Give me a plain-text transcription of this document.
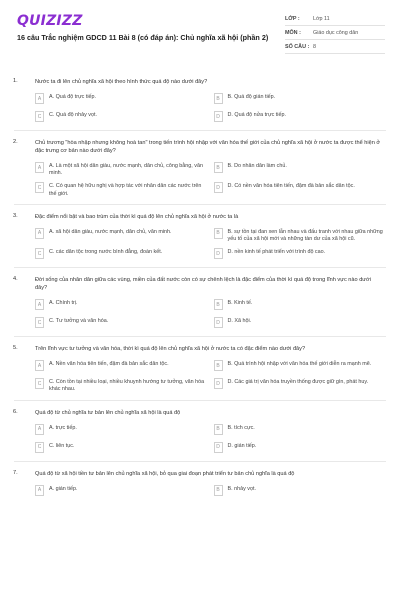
QUIZIZZ
16 câu Trắc nghiệm GDCD 11 Bài 8 (có đáp án): Chủ nghĩa xã hội (phần 2)
LỚP :	Lớp 11
MÔN :	Giáo dục công dân
SỐ CÂU : 8
1.	Nước ta đi lên chủ nghĩa xã hội theo hình thức quá độ nào dưới đây?
A	A. Quá độ trực tiếp.	B	B. Quá độ gián tiếp.
C	C. Quá độ nhảy vọt.	D	D. Quá độ nửa trực tiếp.
2.	Chủ trương "hòa nhập nhưng không hoà tan" trong tiến trình hội nhập với văn hóa thế giới của chủ nghĩa xã hội ở nước ta được thể hiện ở đặc trưng cơ bản nào dưới đây?
A	A. Là một xã hội dân giàu, nước mạnh, dân chủ, công bằng, văn minh.
B	B. Do nhân dân làm chủ.
C	C. Có quan hệ hữu nghị và hợp tác với nhân dân các nước trên thế giới.
D	D. Có nền văn hóa tiên tiến, đậm đà bản sắc dân tộc.
3.	Đặc điểm nổi bật và bao trùm của thời kì quá độ lên chủ nghĩa xã hội ở nước ta là
A	A. xã hội dân giàu, nước mạnh, dân chủ, văn minh.	B	B. sự tồn tại đan xen lẫn nhau và đấu tranh với nhau giữa những yếu tố của xã hội mới và những tàn dư của xã hội cũ.
C	C. các dân tộc trong nước bình đẳng, đoàn kết.	D	D. nền kinh tế phát triển với trình độ cao.
4.	Đời sống của nhân dân giữa các vùng, miền của đất nước còn có sự chênh lệch là đặc điểm của thời kì quá độ trong lĩnh vực nào dưới đây?
A	A. Chính trị.	B	B. Kinh tế.
C	C. Tư tưởng và văn hóa.	D	D. Xã hội.
5.	Trên lĩnh vực tư tưởng và văn hóa, thời kì quá độ lên chủ nghĩa xã hội ở nước ta có đặc điểm nào dưới đây?
A	A. Nền văn hóa tiên tiến, đậm đà bản sắc dân tộc.	B	B. Quá trình hội nhập với văn hóa thế giới diễn ra mạnh mẽ.
C	C. Còn tồn tại nhiều loại, nhiều khuynh hướng tư tưởng, văn hóa khác nhau.
D	D. Các giá trị văn hóa truyền thống được giữ gìn, phát huy.
6.	Quá độ từ chủ nghĩa tư bản lên chủ nghĩa xã hội là quá độ
A	A. trực tiếp.	B	B. tích cực.
C	C. liên tục.	D	D. gián tiếp.
7.	Quá độ từ xã hội tiền tư bản lên chủ nghĩa xã hội, bỏ qua giai đoạn phát triển tư bản chủ nghĩa là quá độ
A	A. gián tiếp.	B	B. nhảy vọt.
